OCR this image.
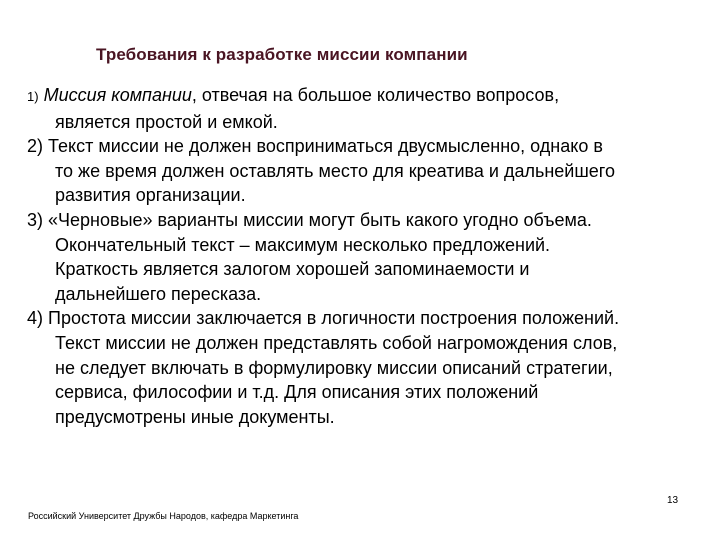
Требования к разработке миссии компании
1) Миссия компании, отвечая на большое количество вопросов,
является простой и емкой.
2) Текст миссии не должен восприниматься двусмысленно, однако в
то же время должен оставлять место для креатива и дальнейшего
развития организации.
3) «Черновые» варианты миссии могут быть какого угодно объема.
Окончательный текст – максимум несколько предложений.
Краткость является залогом хорошей запоминаемости и
дальнейшего пересказа.
4) Простота миссии заключается в логичности построения положений.
Текст миссии не должен представлять собой нагромождения слов,
не следует включать в формулировку миссии описаний стратегии,
сервиса, философии и т.д. Для описания этих положений
предусмотрены иные документы.
13
Российский Университет Дружбы Народов, кафедра Маркетинга
